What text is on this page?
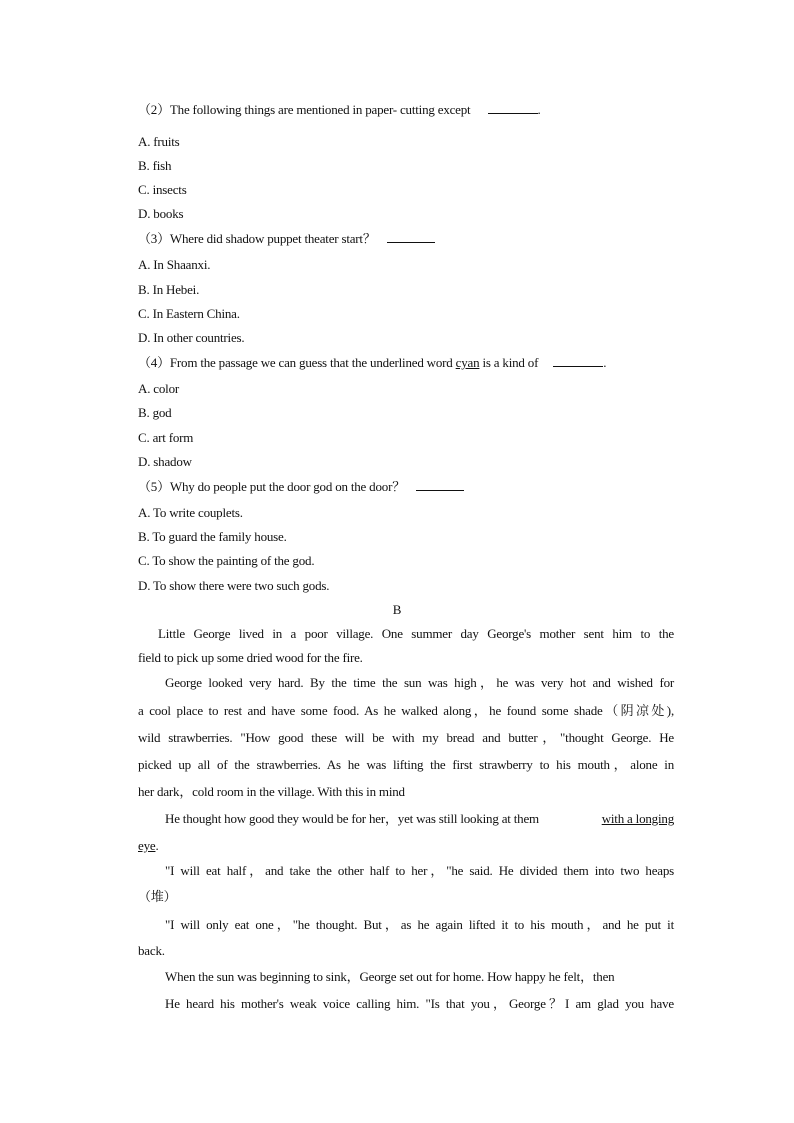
（2）The following things are mentioned in paper- cutting except	.
A. fruits
B. fish
C. insects
D. books
（3）Where did shadow puppet theater start？
A. In Shaanxi.
B. In Hebei.
C. In Eastern China.
D. In other countries.
（4）From the passage we can guess that the underlined word cyan is a kind of	.
A. color
B. god
C. art form
D. shadow
（5）Why do people put the door god on the door？
A. To write couplets.
B. To guard the family house.
C. To show the painting of the god.
D. To show there were two such gods.
B
Little George lived in a poor village. One summer day George's mother sent him to the
field to pick up some dried wood for the fire.
George looked very hard. By the time the sun was high，he was very hot and wished for
a cool place to rest and have some food. As he walked along，he found some shade（阴凉处),
wild strawberries. "How good these will be with my bread and butter，"thought George. He
picked up all of the strawberries. As he was lifting the first strawberry to his mouth，alone in
her dark，cold room in the village. With this in mind
He thought how good they would be for her，yet was still looking at them	with a longing
eye.
"I will eat half，and take the other half to her，"he said. He divided them into two heaps
（堆）
"I will only eat one，"he thought. But，as he again lifted it to his mouth，and he put it
back.
When the sun was beginning to sink，George set out for home. How happy he felt，then
He heard his mother's weak voice calling him. "Is that you，George？I am glad you have
